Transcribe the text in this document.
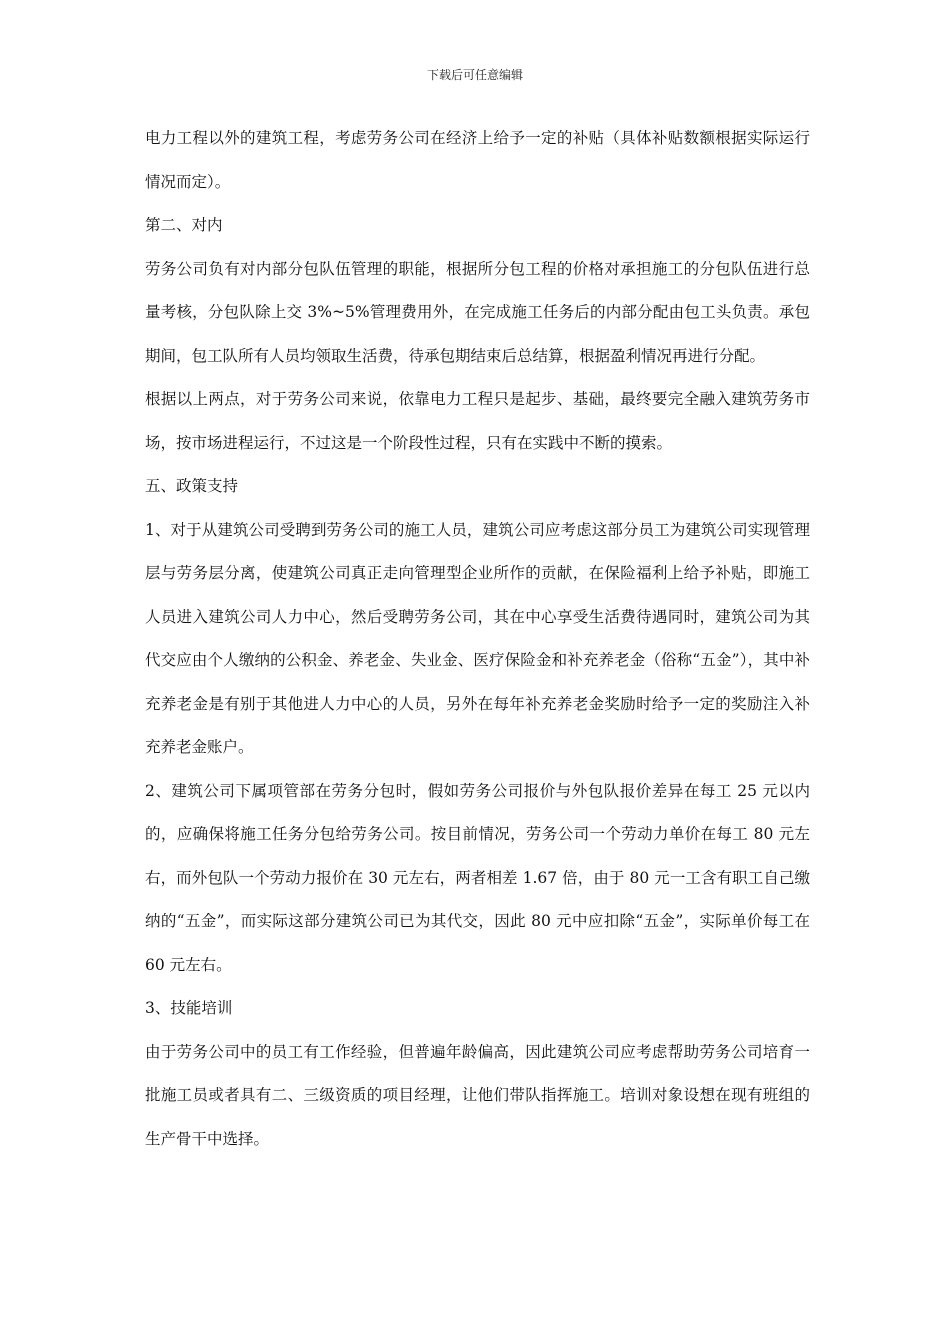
下载后可任意编辑

电力工程以外的建筑工程，考虑劳务公司在经济上给予一定的补贴（具体补贴数额根据实际运行情况而定）。

第二、对内

劳务公司负有对内部分包队伍管理的职能，根据所分包工程的价格对承担施工的分包队伍进行总量考核，分包队除上交 3%~5%管理费用外，在完成施工任务后的内部分配由包工头负责。承包期间，包工队所有人员均领取生活费，待承包期结束后总结算，根据盈利情况再进行分配。

根据以上两点，对于劳务公司来说，依靠电力工程只是起步、基础，最终要完全融入建筑劳务市场，按市场进程运行，不过这是一个阶段性过程，只有在实践中不断的摸索。

五、政策支持

1、对于从建筑公司受聘到劳务公司的施工人员，建筑公司应考虑这部分员工为建筑公司实现管理层与劳务层分离，使建筑公司真正走向管理型企业所作的贡献，在保险福利上给予补贴，即施工人员进入建筑公司人力中心，然后受聘劳务公司，其在中心享受生活费待遇同时，建筑公司为其代交应由个人缴纳的公积金、养老金、失业金、医疗保险金和补充养老金（俗称“五金”），其中补充养老金是有别于其他进人力中心的人员，另外在每年补充养老金奖励时给予一定的奖励注入补充养老金账户。

2、建筑公司下属项管部在劳务分包时，假如劳务公司报价与外包队报价差异在每工 25 元以内的，应确保将施工任务分包给劳务公司。按目前情况，劳务公司一个劳动力单价在每工 80 元左右，而外包队一个劳动力报价在 30 元左右，两者相差 1.67 倍，由于 80 元一工含有职工自己缴纳的“五金”，而实际这部分建筑公司已为其代交，因此 80 元中应扣除“五金”，实际单价每工在 60 元左右。

3、技能培训

由于劳务公司中的员工有工作经验，但普遍年龄偏高，因此建筑公司应考虑帮助劳务公司培育一批施工员或者具有二、三级资质的项目经理，让他们带队指挥施工。培训对象设想在现有班组的生产骨干中选择。
